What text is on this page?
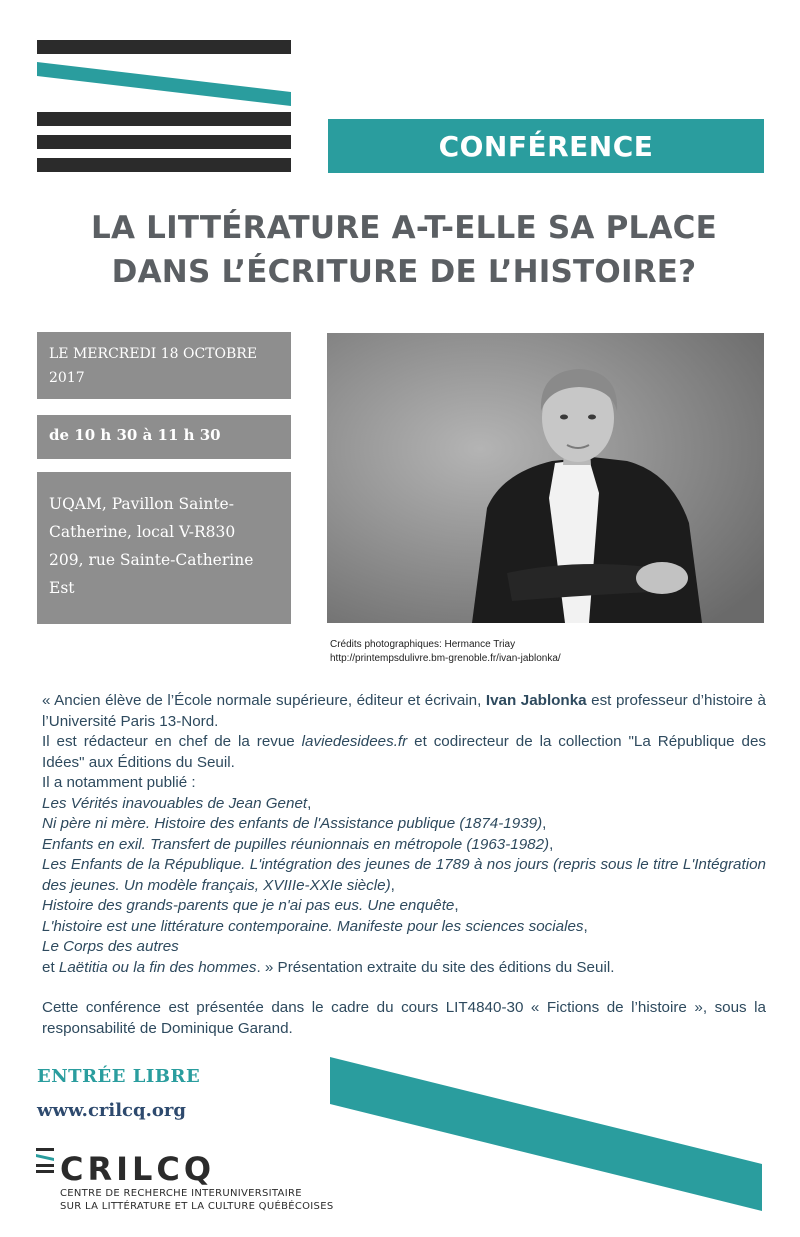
CONFÉRENCE
LA LITTÉRATURE A-T-ELLE SA PLACE
DANS L’ÉCRITURE DE L’HISTOIRE?
LE MERCREDI 18 OCTOBRE 2017
de 10 h 30 à 11 h 30
UQAM, Pavillon Sainte-Catherine, local V-R830
209, rue Sainte-Catherine Est
Crédits photographiques: Hermance Triay
http://printempsdulivre.bm-grenoble.fr/ivan-jablonka/

« Ancien élève de l’École normale supérieure, éditeur et écrivain, Ivan Jablonka est professeur d’histoire à l’Université Paris 13-Nord.

Il est rédacteur en chef de la revue laviedesidees.fr et codirecteur de la collection "La République des Idées" aux Éditions du Seuil.

Il a notamment publié :

Les Vérités inavouables de Jean Genet,

Ni père ni mère. Histoire des enfants de l'Assistance publique (1874-1939),

Enfants en exil. Transfert de pupilles réunionnais en métropole (1963-1982),

Les Enfants de la République. L'intégration des jeunes de 1789 à nos jours (repris sous le titre L'Intégration des jeunes. Un modèle français, XVIIIe-XXIe siècle),

Histoire des grands-parents que je n'ai pas eus. Une enquête,

L'histoire est une littérature contemporaine. Manifeste pour les sciences sociales,

Le Corps des autres

et Laëtitia ou la fin des hommes. » Présentation extraite du site des éditions du Seuil.

Cette conférence est présentée dans le cadre du cours LIT4840-30 « Fictions de l’histoire », sous la responsabilité de Dominique Garand.

ENTRÉE LIBRE
www.crilcq.org
CRILCQ
CENTRE DE RECHERCHE INTERUNIVERSITAIRE
SUR LA LITTÉRATURE ET LA CULTURE QUÉBÉCOISES
